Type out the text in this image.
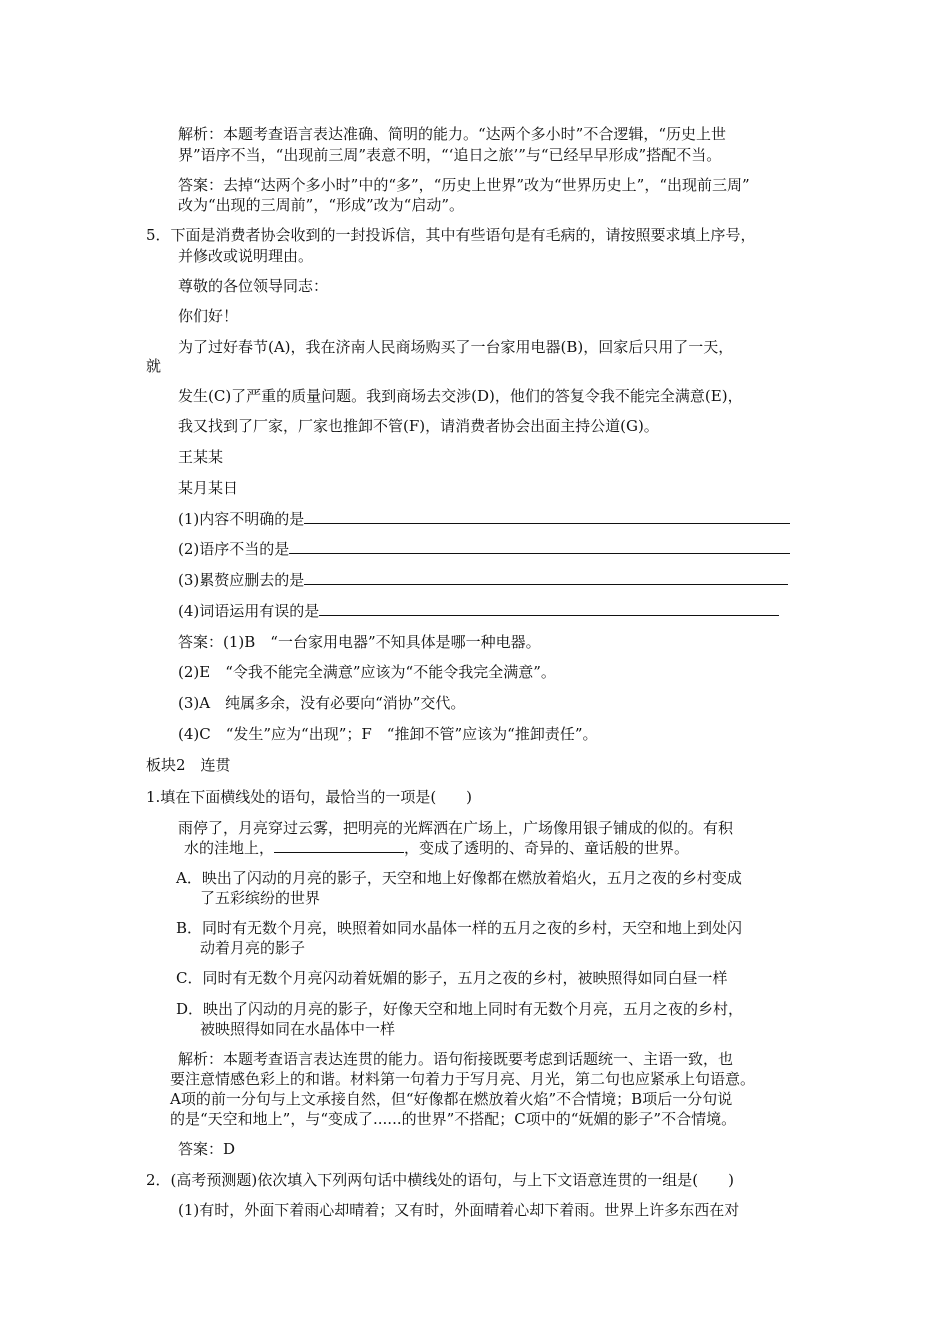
解析：本题考查语言表达准确、简明的能力。“达两个多小时”不合逻辑，“历史上世
界”语序不当，“出现前三周”表意不明，“‘追日之旅’”与“已经早早形成”搭配不当。
答案：去掉“达两个多小时”中的“多”，“历史上世界”改为“世界历史上”，“出现前三周”
改为“出现的三周前”，“形成”改为“启动”。
5．下面是消费者协会收到的一封投诉信，其中有些语句是有毛病的，请按照要求填上序号，
并修改或说明理由。
尊敬的各位领导同志：
你们好！
为了过好春节(A)，我在济南人民商场购买了一台家用电器(B)，回家后只用了一天，
就
发生(C)了严重的质量问题。我到商场去交涉(D)，他们的答复令我不能完全满意(E)，
我又找到了厂家，厂家也推卸不管(F)，请消费者协会出面主持公道(G)。
王某某
某月某日
(1)内容不明确的是
(2)语序不当的是
(3)累赘应删去的是
(4)词语运用有误的是
答案：(1)B　“一台家用电器”不知具体是哪一种电器。
(2)E　“令我不能完全满意”应该为“不能令我完全满意”。
(3)A　纯属多余，没有必要向“消协”交代。
(4)C　“发生”应为“出现”；F　“推卸不管”应该为“推卸责任”。
板块2　连贯
1.填在下面横线处的语句，最恰当的一项是(　　)
雨停了，月亮穿过云雾，把明亮的光辉洒在广场上，广场像用银子铺成的似的。有积
水的洼地上，	，变成了透明的、奇异的、童话般的世界。
A．映出了闪动的月亮的影子，天空和地上好像都在燃放着焰火，五月之夜的乡村变成
了五彩缤纷的世界
B．同时有无数个月亮，映照着如同水晶体一样的五月之夜的乡村，天空和地上到处闪
动着月亮的影子
C．同时有无数个月亮闪动着妩媚的影子，五月之夜的乡村，被映照得如同白昼一样
D．映出了闪动的月亮的影子，好像天空和地上同时有无数个月亮，五月之夜的乡村，
被映照得如同在水晶体中一样
解析：本题考查语言表达连贯的能力。语句衔接既要考虑到话题统一、主语一致，也
要注意情感色彩上的和谐。材料第一句着力于写月亮、月光，第二句也应紧承上句语意。
A项的前一分句与上文承接自然，但“好像都在燃放着火焰”不合情境；B项后一分句说
的是“天空和地上”，与“变成了......的世界”不搭配；C项中的“妩媚的影子”不合情境。
答案：D
2．(高考预测题)依次填入下列两句话中横线处的语句，与上下文语意连贯的一组是(　　)
(1)有时，外面下着雨心却晴着；又有时，外面晴着心却下着雨。世界上许多东西在对
